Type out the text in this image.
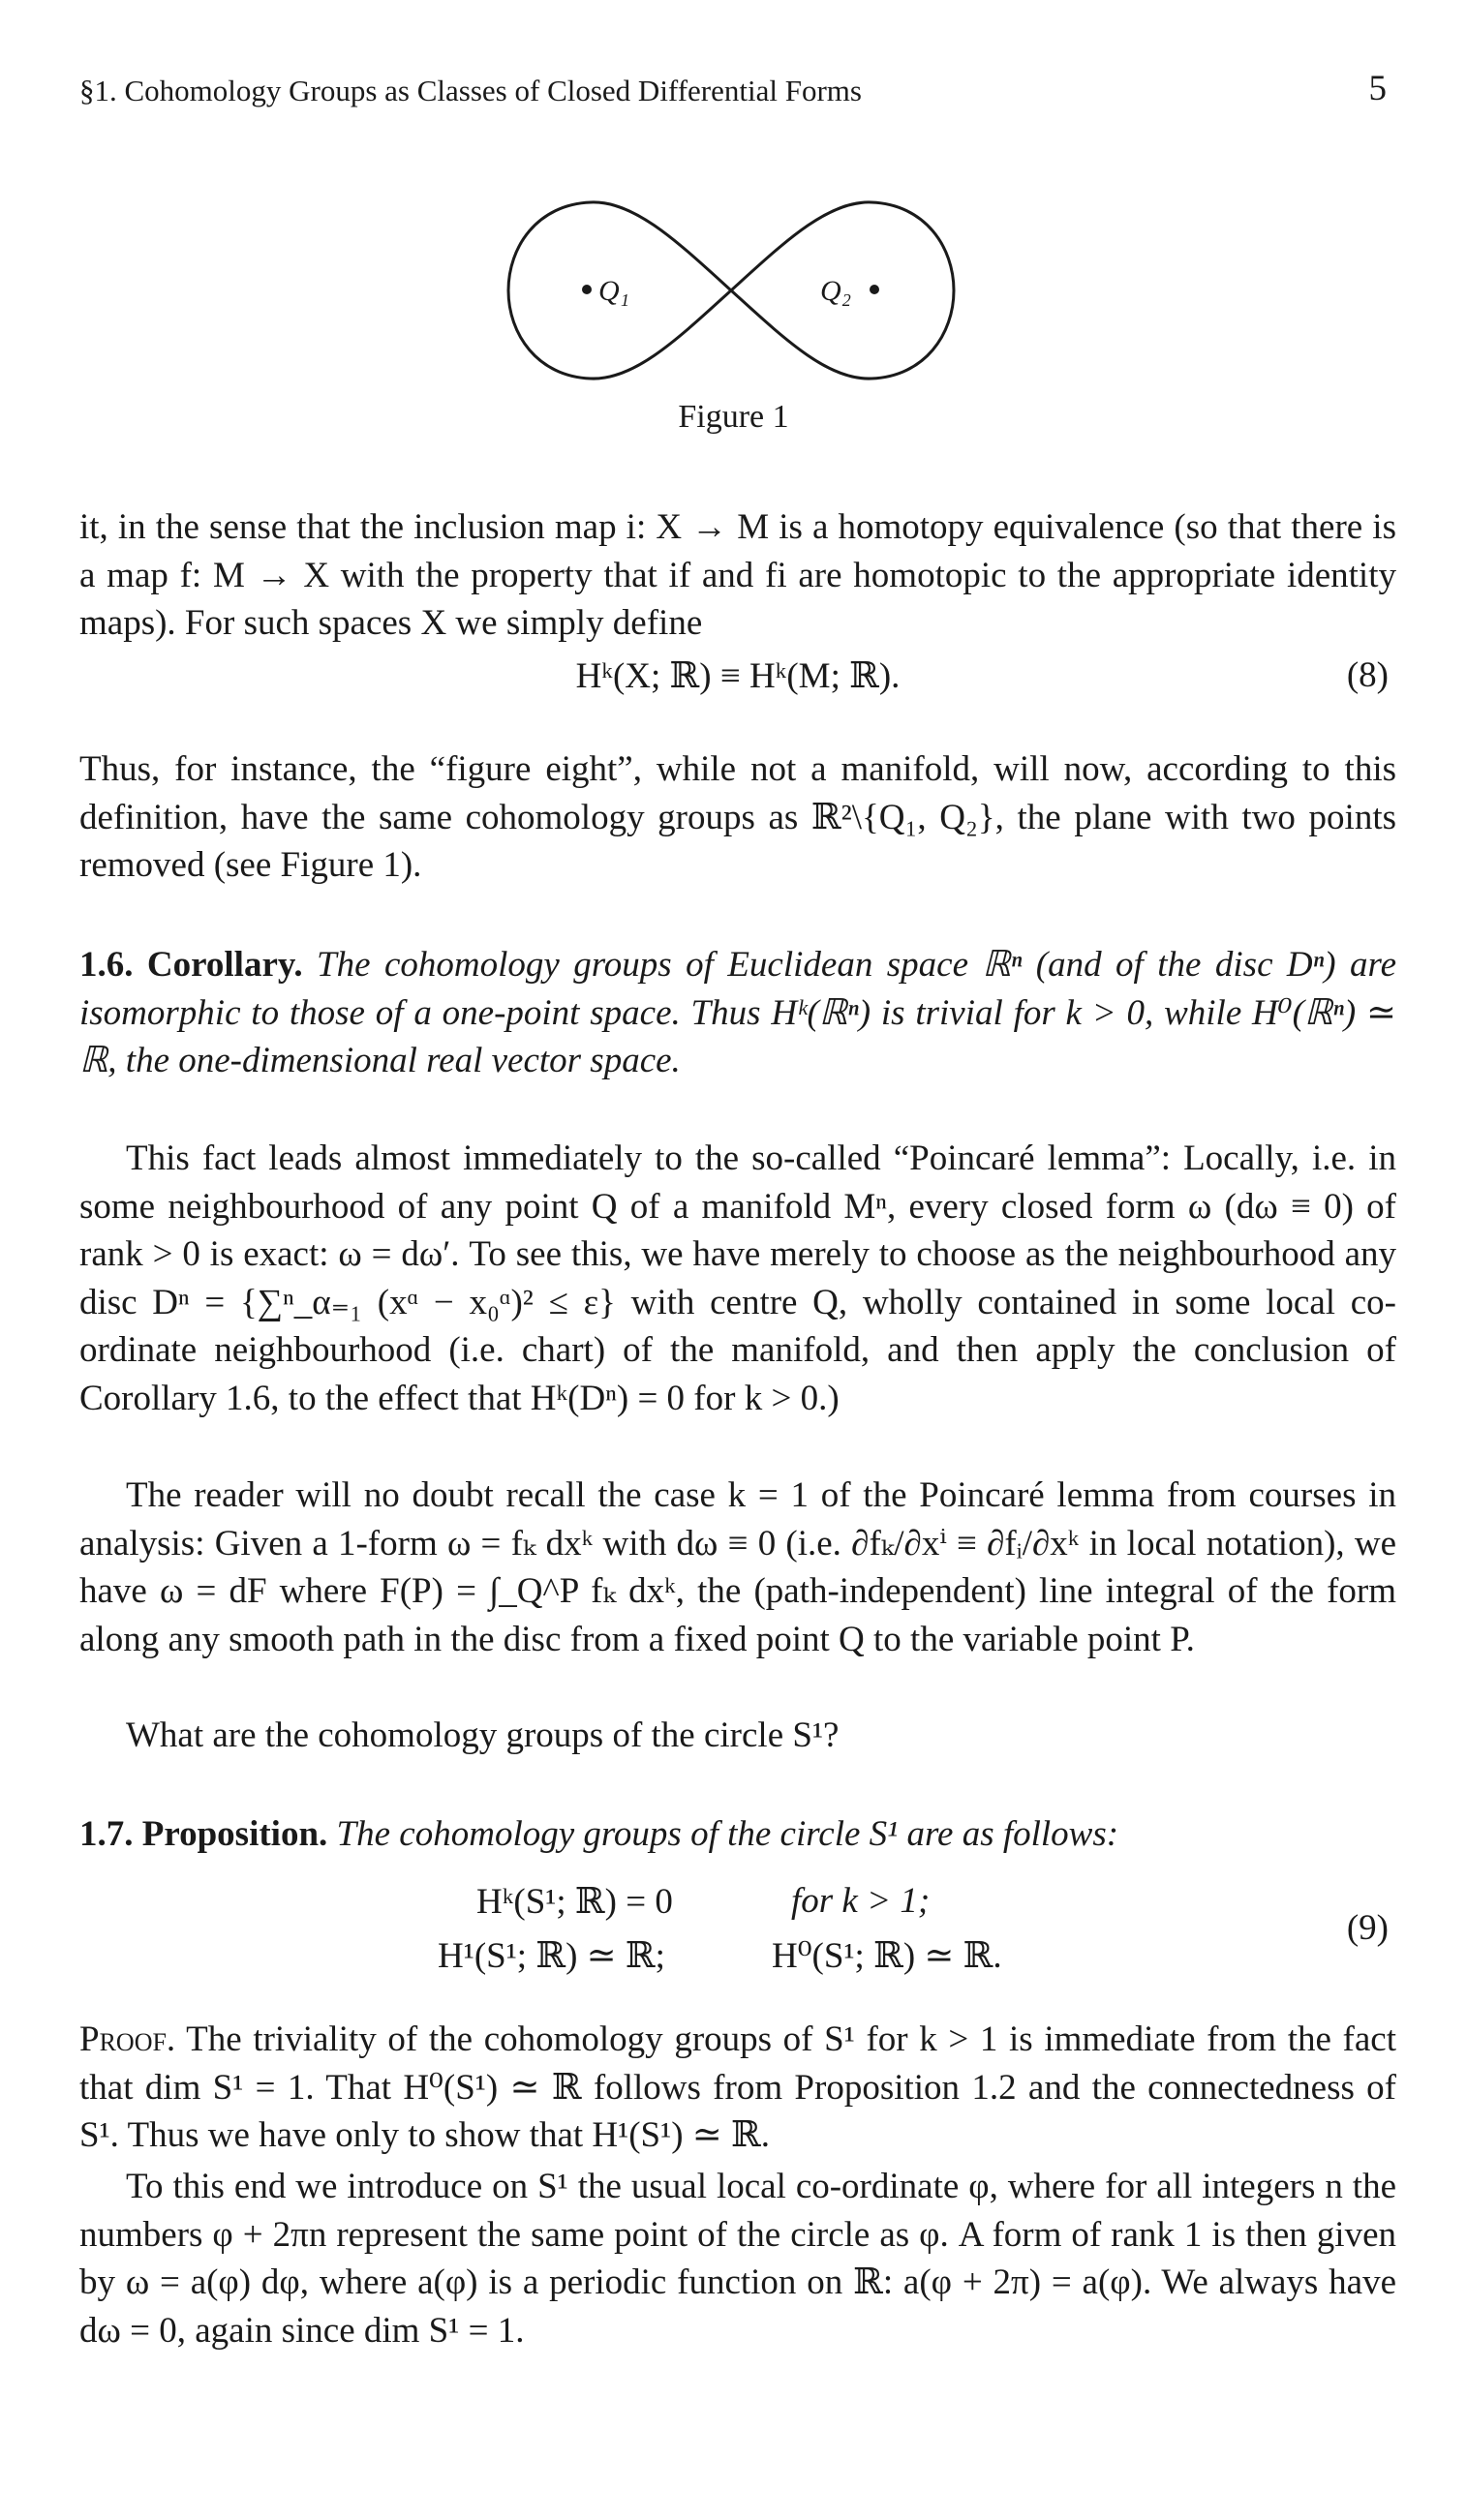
§1. Cohomology Groups as Classes of Closed Differential Forms	5
Q₁	Q₂
Figure 1

it, in the sense that the inclusion map i: X → M is a homotopy equivalence (so that there is a map f: M → X with the property that if and fi are homotopic to the appropriate identity maps). For such spaces X we simply define

Hᵏ(X; ℝ) ≡ Hᵏ(M; ℝ).	(8)

Thus, for instance, the “figure eight”, while not a manifold, will now, according to this definition, have the same cohomology groups as ℝ²\{Q₁, Q₂}, the plane with two points removed (see Figure 1).

1.6. Corollary. The cohomology groups of Euclidean space ℝⁿ (and of the disc Dⁿ) are isomorphic to those of a one-point space. Thus Hᵏ(ℝⁿ) is trivial for k > 0, while H⁰(ℝⁿ) ≃ ℝ, the one-dimensional real vector space.

This fact leads almost immediately to the so-called “Poincaré lemma”: Locally, i.e. in some neighbourhood of any point Q of a manifold Mⁿ, every closed form ω (dω ≡ 0) of rank > 0 is exact: ω = dω′. To see this, we have merely to choose as the neighbourhood any disc Dⁿ = {∑ⁿ_α₌₁ (xᵅ − x₀ᵅ)² ≤ ε} with centre Q, wholly contained in some local co-ordinate neighbourhood (i.e. chart) of the manifold, and then apply the conclusion of Corollary 1.6, to the effect that Hᵏ(Dⁿ) = 0 for k > 0.)

The reader will no doubt recall the case k = 1 of the Poincaré lemma from courses in analysis: Given a 1-form ω = fₖ dxᵏ with dω ≡ 0 (i.e. ∂fₖ/∂xⁱ ≡ ∂fᵢ/∂xᵏ in local notation), we have ω = dF where F(P) = ∫_Q^P fₖ dxᵏ, the (path-independent) line integral of the form along any smooth path in the disc from a fixed point Q to the variable point P.

What are the cohomology groups of the circle S¹?

1.7. Proposition. The cohomology groups of the circle S¹ are as follows:

Hᵏ(S¹; ℝ) = 0	for k > 1;
H¹(S¹; ℝ) ≃ ℝ;	H⁰(S¹; ℝ) ≃ ℝ.
(9)

Proof. The triviality of the cohomology groups of S¹ for k > 1 is immediate from the fact that dim S¹ = 1. That H⁰(S¹) ≃ ℝ follows from Proposition 1.2 and the connectedness of S¹. Thus we have only to show that H¹(S¹) ≃ ℝ.

To this end we introduce on S¹ the usual local co-ordinate φ, where for all integers n the numbers φ + 2πn represent the same point of the circle as φ. A form of rank 1 is then given by ω = a(φ) dφ, where a(φ) is a periodic function on ℝ: a(φ + 2π) = a(φ). We always have dω = 0, again since dim S¹ = 1.
